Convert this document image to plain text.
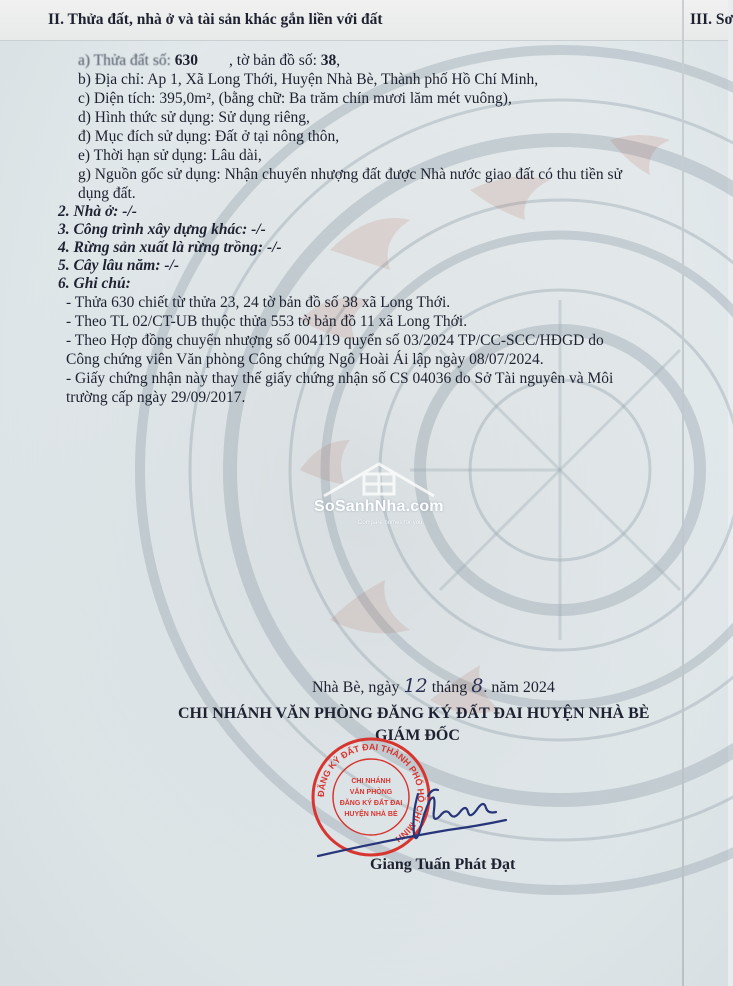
II. Thửa đất, nhà ở và tài sản khác gắn liền với đất	III. Sơ
a) Thửa đất số: 630        , tờ bản đồ số: 38,
b) Địa chỉ: Ap 1, Xã Long Thới, Huyện Nhà Bè, Thành phố Hồ Chí Minh,
c) Diện tích: 395,0m², (bằng chữ: Ba trăm chín mươi lăm mét vuông),
d) Hình thức sử dụng: Sử dụng riêng,
đ) Mục đích sử dụng: Đất ở tại nông thôn,
e) Thời hạn sử dụng: Lâu dài,
g) Nguồn gốc sử dụng: Nhận chuyển nhượng đất được Nhà nước giao đất có thu tiền sử
dụng đất.
2. Nhà ở: -/-
3. Công trình xây dựng khác: -/-
4. Rừng sản xuất là rừng trồng: -/-
5. Cây lâu năm: -/-
6. Ghi chú:
- Thửa 630 chiết từ thửa 23, 24 tờ bản đồ số 38 xã Long Thới.
- Theo TL 02/CT-UB thuộc thửa 553 tờ bản đồ 11 xã Long Thới.
- Theo Hợp đồng chuyển nhượng số 004119 quyển số 03/2024 TP/CC-SCC/HĐGD do
Công chứng viên Văn phòng Công chứng Ngô Hoài Ái lập ngày 08/07/2024.
- Giấy chứng nhận này thay thế giấy chứng nhận số CS 04036 do Sở Tài nguyên và Môi
trường cấp ngày 29/09/2017.
SoSanhNha.com
Compare homes for you
Nhà Bè, ngày 12 tháng 8. năm 2024
CHI NHÁNH VĂN PHÒNG ĐĂNG KÝ ĐẤT ĐAI HUYỆN NHÀ BÈ
GIÁM ĐỐC
ĐĂNG KÝ ĐẤT ĐAI THÀNH PHỐ HỒ CHÍ MINH
CHI NHÁNH
VĂN PHÒNG
ĐĂNG KÝ ĐẤT ĐAI
HUYỆN NHÀ BÈ
Giang Tuấn Phát Đạt
